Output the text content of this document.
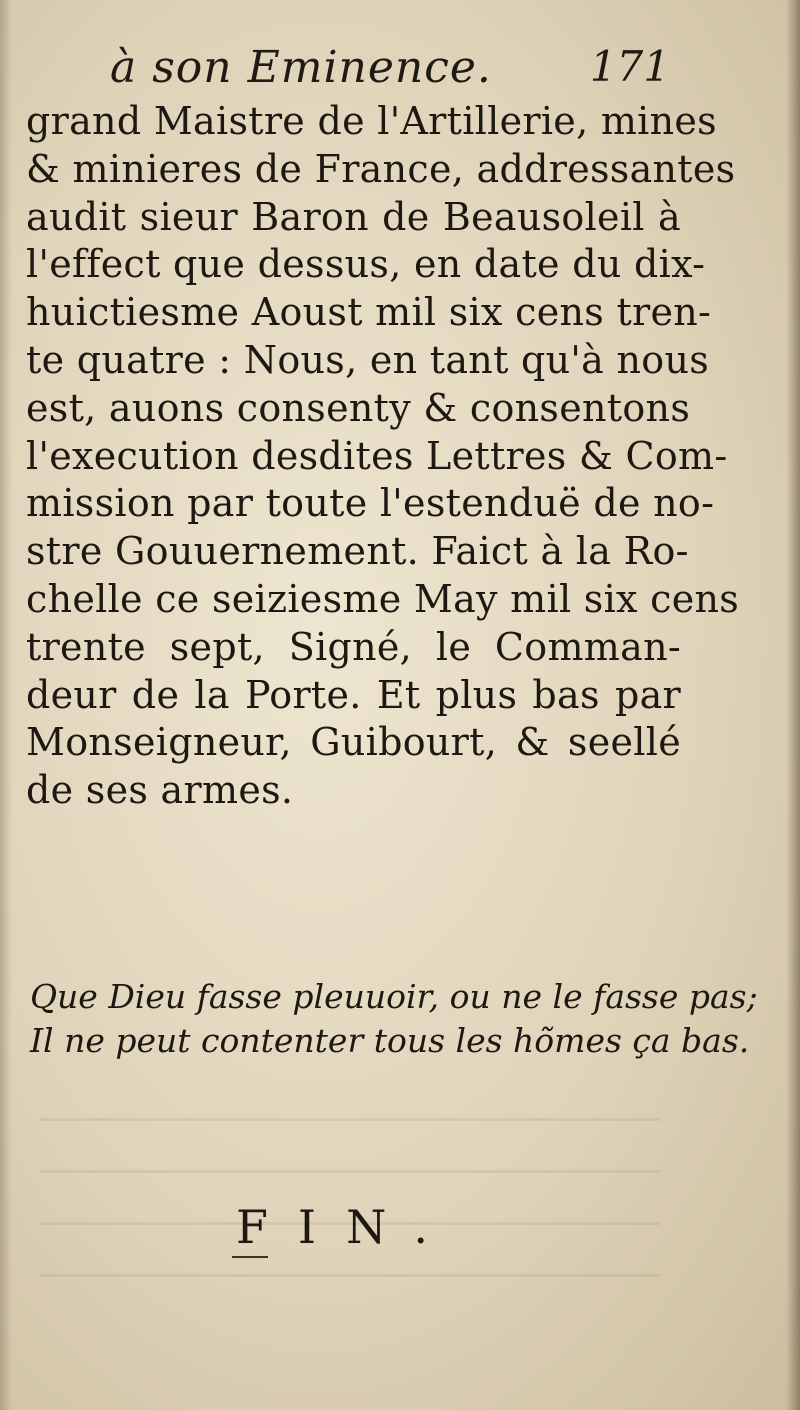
à son Eminence. 171
grand Maistre de l'Artillerie, mines
& minieres de France, addressantes
audit sieur Baron de Beausoleil à
l'effect que dessus, en date du dix-
huictiesme Aoust mil six cens tren-
te quatre : Nous, en tant qu'à nous
est, auons consenty & consentons
l'execution desdites Lettres & Com-
mission par toute l'estenduë de no-
stre Gouuernement. Faict à la Ro-
chelle ce seiziesme May mil six cens
trente sept, Signé, le Comman-
deur de la Porte. Et plus bas par
Monseigneur, Guibourt, & seellé
de ses armes.
Que Dieu fasse pleuuoir, ou ne le fasse pas;
Il ne peut contenter tous les hõmes ça bas.
FIN.
